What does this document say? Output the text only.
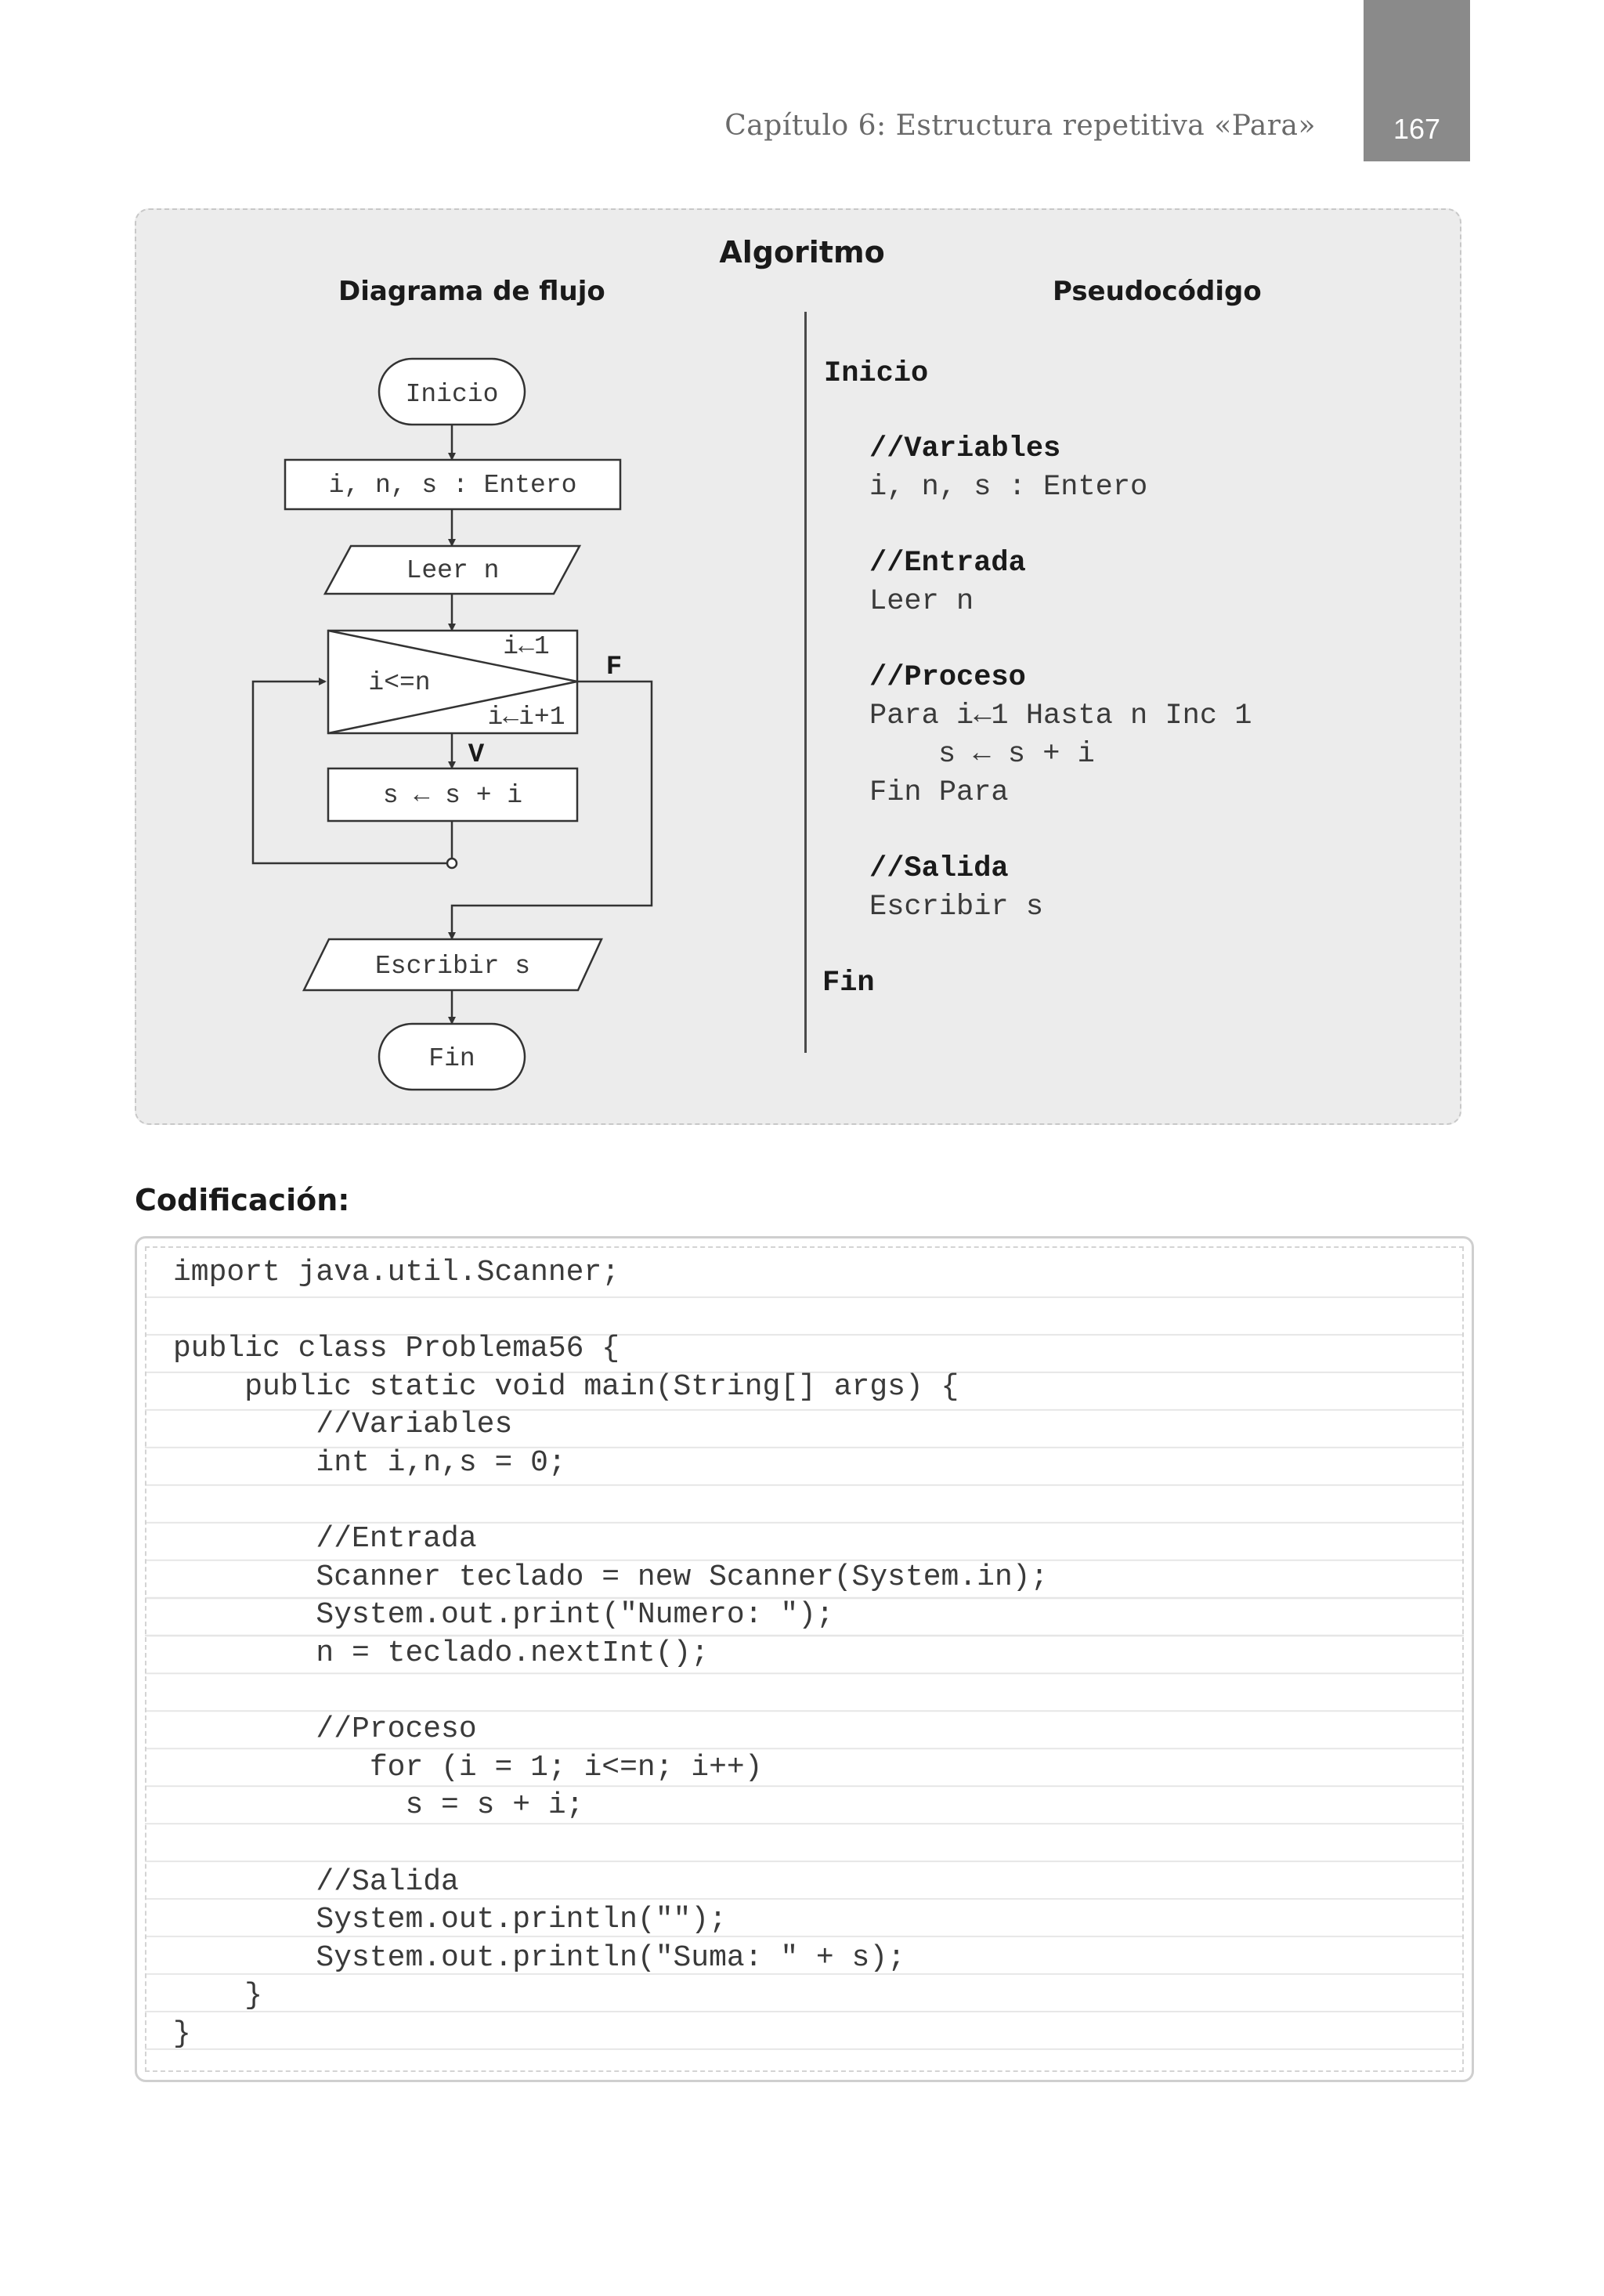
Capítulo 6: Estructura repetitiva «Para»	167
Algoritmo
Diagrama de flujo	Pseudocódigo
Inicio
i, n, s : Entero
Leer n
i←1
i<=n
i←i+1
F
V
s ← s + i
Escribir s
Fin
Inicio
//Variables
i, n, s : Entero
//Entrada
Leer n
//Proceso
Para i←1 Hasta n Inc 1
s ← s + i
Fin Para
//Salida
Escribir s
Fin
Codificación:
import java.util.Scanner;
public class Problema56 {
public static void main(String[] args) {
//Variables
int i,n,s = 0;
//Entrada
Scanner teclado = new Scanner(System.in);
System.out.print("Numero: ");
n = teclado.nextInt();
//Proceso
for (i = 1; i<=n; i++)
s = s + i;
//Salida
System.out.println("");
System.out.println("Suma: " + s);
}
}
